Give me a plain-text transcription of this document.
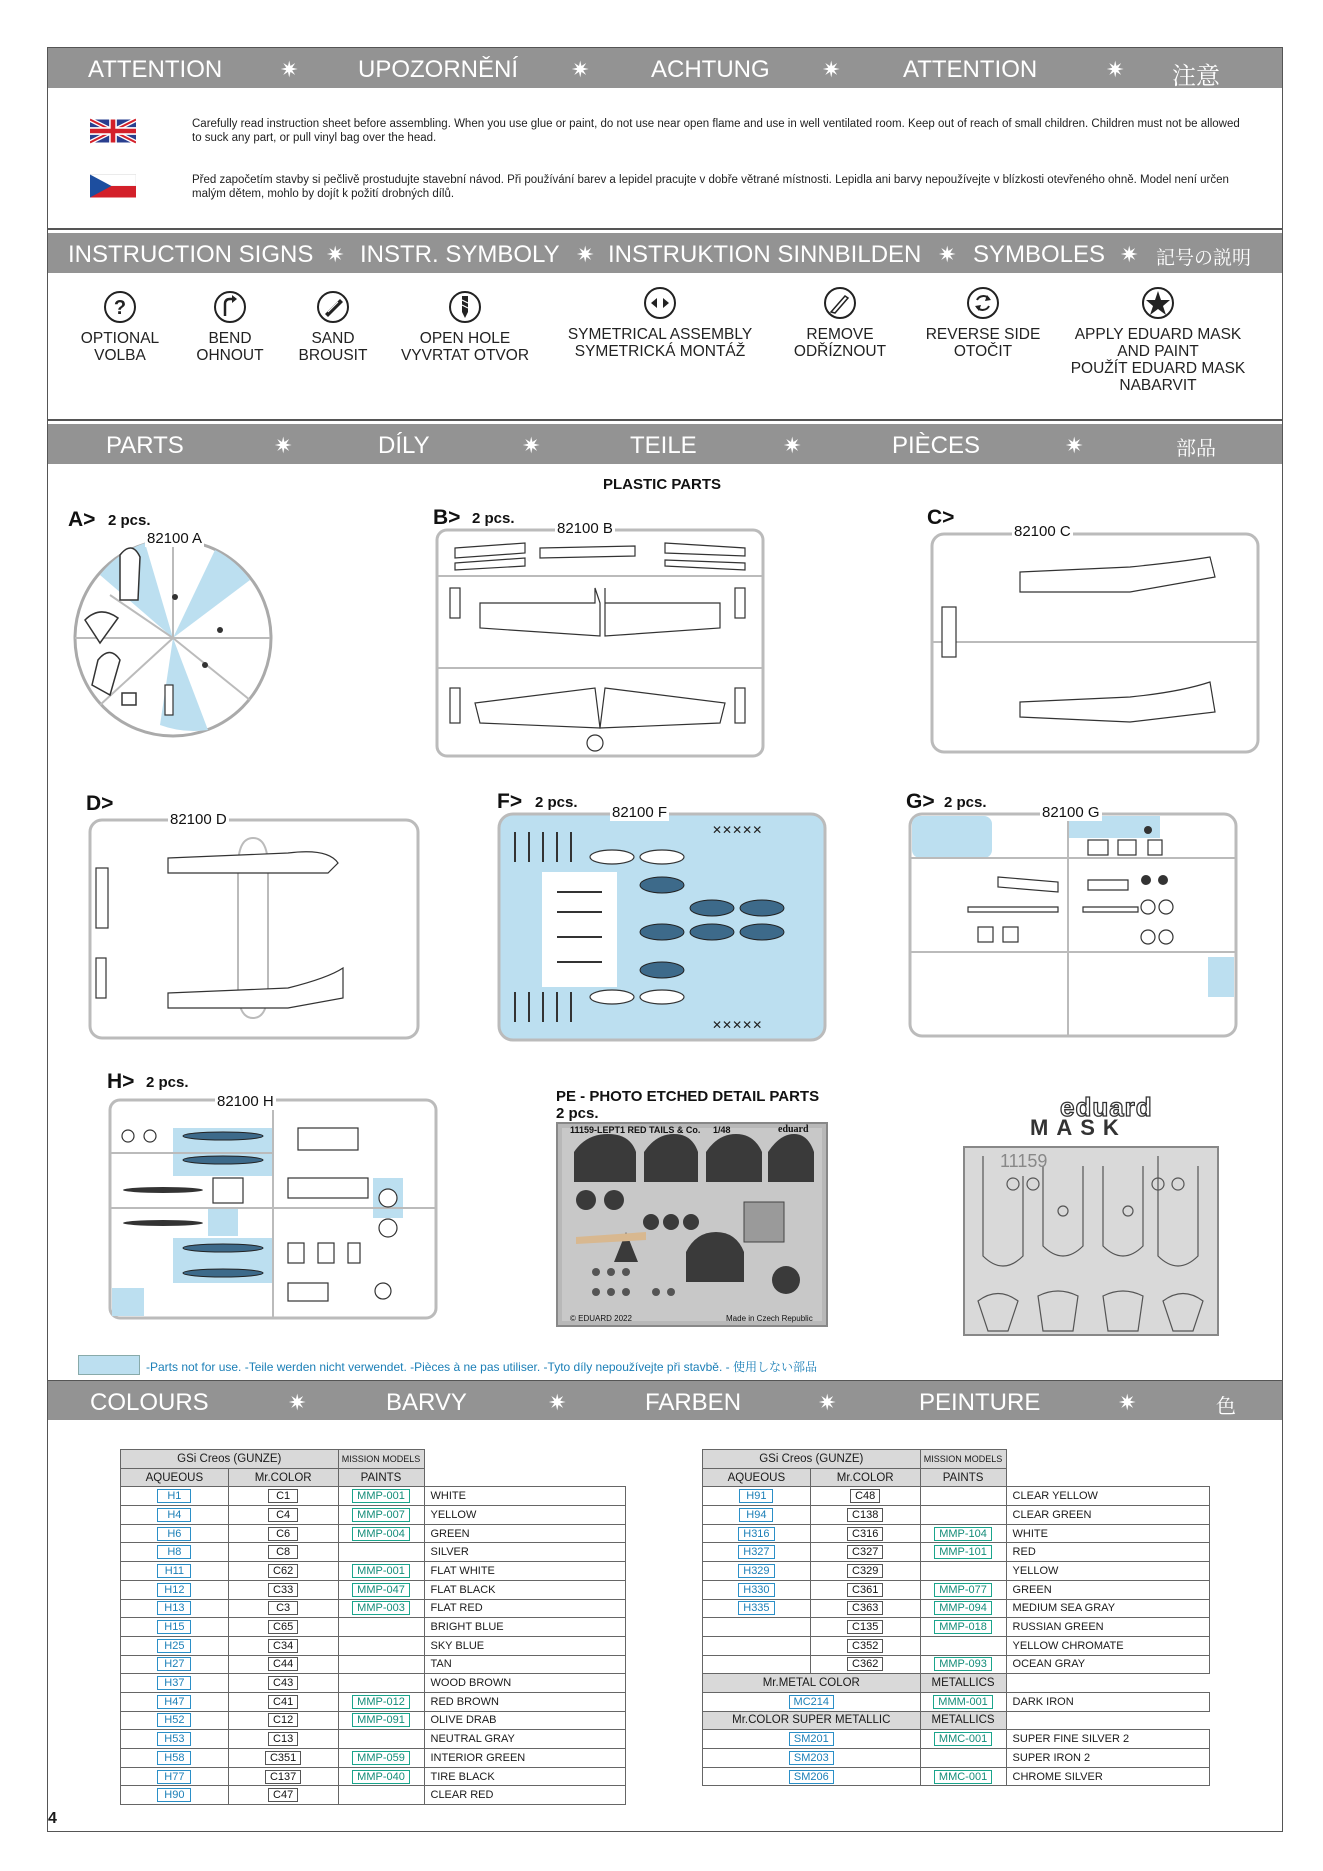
ATTENTION	✷ UPOZORNĚNÍ ✷	ACHTUNG ✷	ATTENTION	✷ 注意
Carefully read instruction sheet before assembling. When you use glue or paint, do not use near open flame and use in well ventilated room. Keep out of reach of small children. Children must not be allowed to suck any part, or pull vinyl bag over the head.
Před započetím stavby si pečlivě prostudujte stavební návod. Při používání barev a lepidel pracujte v dobře větrané místnosti. Lepidla ani barvy nepoužívejte v blízkosti otevřeného ohně. Model není určen malým dětem, mohlo by dojít k požití drobných dílů.
INSTRUCTION SIGNS ✷ INSTR. SYMBOLY ✷ INSTRUKTION SINNBILDEN ✷ SYMBOLES ✷ 記号の説明
?
OPTIONAL
VOLBA
BEND
OHNOUT
SAND
BROUSIT
OPEN HOLE
VYVRTAT OTVOR
SYMETRICAL ASSEMBLY
SYMETRICKÁ MONTÁŽ
REMOVE
ODŘÍZNOUT
REVERSE SIDE
OTOČIT
APPLY EDUARD MASK
AND PAINT
POUŽÍT EDUARD MASK
NABARVIT
PARTS	✷	DÍLY	✷	TEILE	✷	PIÈCES	✷	部品
PLASTIC PARTS
A> 2 pcs.
82100 A
B> 2 pcs.
82100 B	C>
82100 C
D>
82100 D
F> 2 pcs.
✕✕✕✕✕
✕✕✕✕✕
82100 F	G> 2 pcs.
82100 G
H> 2 pcs.
82100 H	PE - PHOTO ETCHED DETAIL PARTS
2 pcs.
11159-LEPT1 RED TAILS & Co. 1/48	eduard
© EDUARD 2022	Made in Czech Republic
eduard
MASK
11159
-Parts not for use. -Teile werden nicht verwendet. -Pièces à ne pas utiliser. -Tyto díly nepoužívejte při stavbě. - 使用しない部品
COLOURS	✷	BARVY	✷	FARBEN	✷	PEINTURE	✷	色
GSi Creos (GUNZE)		MISSION MODELS	
AQUEOUS	Mr.COLOR	PAINTS	
H1	C1	MMP-001	WHITE
H4	C4	MMP-007	YELLOW
H6	C6	MMP-004	GREEN
H8	C8		SILVER
H11	C62	MMP-001	FLAT WHITE
H12	C33	MMP-047	FLAT BLACK
H13	C3	MMP-003	FLAT RED
H15	C65		BRIGHT BLUE
H25	C34		SKY BLUE
H27	C44		TAN
H37	C43		WOOD BROWN
H47	C41	MMP-012	RED BROWN
H52	C12	MMP-091	OLIVE DRAB
H53	C13		NEUTRAL GRAY
H58	C351	MMP-059	INTERIOR GREEN
H77	C137	MMP-040	TIRE BLACK
H90	C47		CLEAR RED
GSi Creos (GUNZE)		MISSION MODELS	
AQUEOUS	Mr.COLOR	PAINTS	
H91	C48		CLEAR YELLOW
H94	C138		CLEAR GREEN
H316	C316	MMP-104	WHITE
H327	C327	MMP-101	RED
H329	C329		YELLOW
H330	C361	MMP-077	GREEN
H335	C363	MMP-094	MEDIUM SEA GRAY
	C135	MMP-018	RUSSIAN GREEN
	C352		YELLOW CHROMATE
	C362	MMP-093	OCEAN GRAY
Mr.METAL COLOR		METALLICS	
MC214		MMM-001	DARK IRON
Mr.COLOR SUPER METALLIC		METALLICS	
SM201		MMC-001	SUPER FINE SILVER 2
SM203			SUPER IRON 2
SM206		MMC-001	CHROME SILVER
4
